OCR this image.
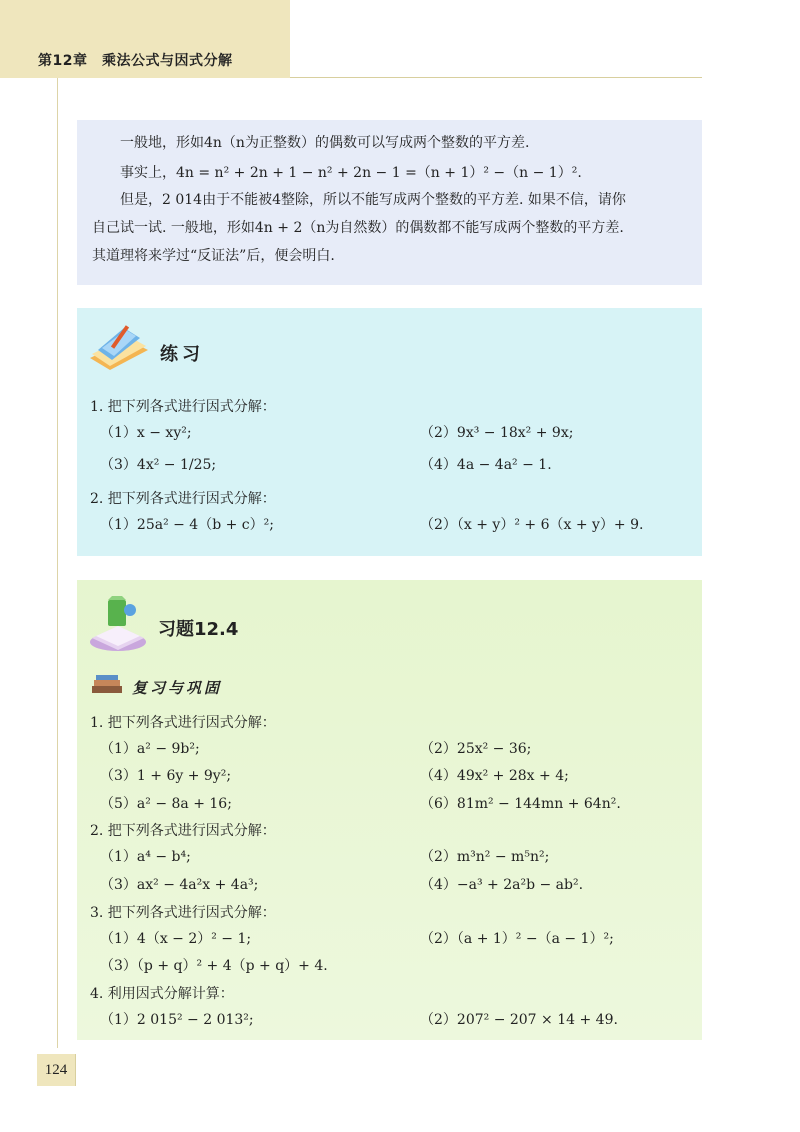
第12章　乘法公式与因式分解
一般地，形如4n（n为正整数）的偶数可以写成两个整数的平方差.
事实上，4n = n² + 2n + 1 − n² + 2n − 1 =（n + 1）² −（n − 1）².
但是，2 014由于不能被4整除，所以不能写成两个整数的平方差. 如果不信，请你
自己试一试. 一般地，形如4n + 2（n为自然数）的偶数都不能写成两个整数的平方差.
其道理将来学过“反证法”后，便会明白.
练习
1. 把下列各式进行因式分解：
（1）x − xy²;	（2）9x³ − 18x² + 9x;
（3）4x² − 1/25;	（4）4a − 4a² − 1.
2. 把下列各式进行因式分解：
（1）25a² − 4（b + c）²;	（2）（x + y）² + 6（x + y）+ 9.
习题12.4
复习与巩固
1. 把下列各式进行因式分解：
（1）a² − 9b²;	（2）25x² − 36;
（3）1 + 6y + 9y²;	（4）49x² + 28x + 4;
（5）a² − 8a + 16;	（6）81m² − 144mn + 64n².
2. 把下列各式进行因式分解：
（1）a⁴ − b⁴;	（2）m³n² − m⁵n²;
（3）ax² − 4a²x + 4a³;	（4）−a³ + 2a²b − ab².
3. 把下列各式进行因式分解：
（1）4（x − 2）² − 1;	（2）（a + 1）² −（a − 1）²;
（3）（p + q）² + 4（p + q）+ 4.
4. 利用因式分解计算：
（1）2 015² − 2 013²;	（2）207² − 207 × 14 + 49.
124
